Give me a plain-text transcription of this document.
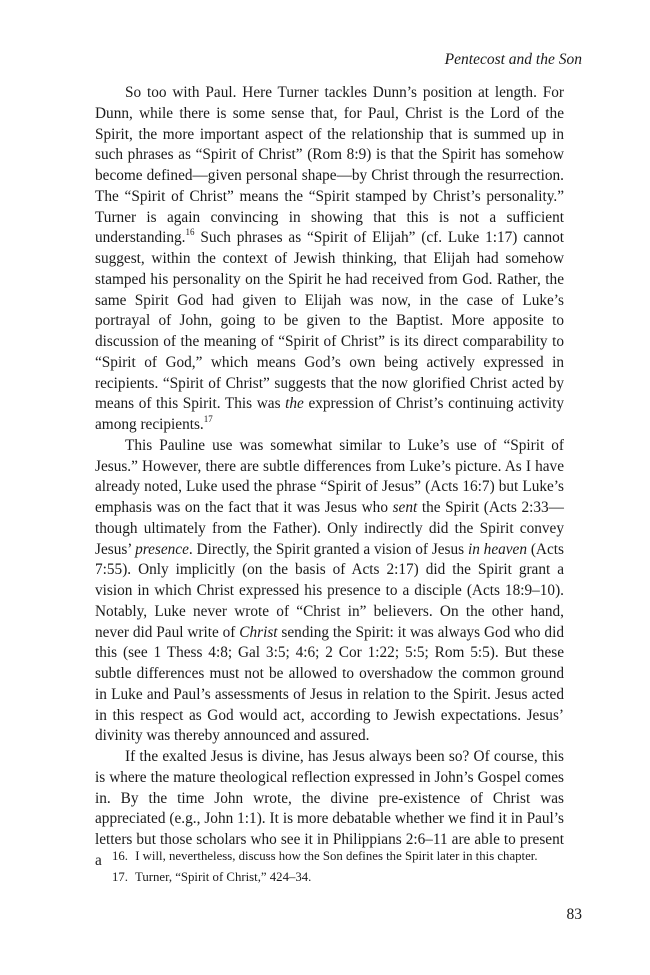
Pentecost and the Son

So too with Paul. Here Turner tackles Dunn’s position at length. For Dunn, while there is some sense that, for Paul, Christ is the Lord of the Spirit, the more important aspect of the relationship that is summed up in such phrases as “Spirit of Christ” (Rom 8:9) is that the Spirit has somehow become defined—given personal shape—by Christ through the resurrection. The “Spirit of Christ” means the “Spirit stamped by Christ’s personality.” Turner is again convincing in showing that this is not a sufficient understanding.$^{16}$ Such phrases as “Spirit of Elijah” (cf. Luke 1:17) cannot suggest, within the context of Jewish thinking, that Elijah had somehow stamped his personality on the Spirit he had received from God. Rather, the same Spirit God had given to Elijah was now, in the case of Luke’s portrayal of John, going to be given to the Baptist. More apposite to discussion of the meaning of “Spirit of Christ” is its direct comparability to “Spirit of God,” which means God’s own being actively expressed in recipients. “Spirit of Christ” suggests that the now glorified Christ acted by means of this Spirit. This was the expression of Christ’s continuing activity among recipients.$^{17}$

This Pauline use was somewhat similar to Luke’s use of “Spirit of Jesus.” However, there are subtle differences from Luke’s picture. As I have already noted, Luke used the phrase “Spirit of Jesus” (Acts 16:7) but Luke’s emphasis was on the fact that it was Jesus who sent the Spirit (Acts 2:33—though ultimately from the Father). Only indirectly did the Spirit convey Jesus’ presence. Directly, the Spirit granted a vision of Jesus in heaven (Acts 7:55). Only implicitly (on the basis of Acts 2:17) did the Spirit grant a vision in which Christ expressed his presence to a disciple (Acts 18:9–10). Notably, Luke never wrote of “Christ in” believers. On the other hand, never did Paul write of Christ sending the Spirit: it was always God who did this (see 1 Thess 4:8; Gal 3:5; 4:6; 2 Cor 1:22; 5:5; Rom 5:5). But these subtle differences must not be allowed to overshadow the common ground in Luke and Paul’s assessments of Jesus in relation to the Spirit. Jesus acted in this respect as God would act, according to Jewish expectations. Jesus’ divinity was thereby announced and assured.

If the exalted Jesus is divine, has Jesus always been so? Of course, this is where the mature theological reflection expressed in John’s Gospel comes in. By the time John wrote, the divine pre-existence of Christ was appreciated (e.g., John 1:1). It is more debatable whether we find it in Paul’s letters but those scholars who see it in Philippians 2:6–11 are able to present a 16. I will, nevertheless, discuss how the Son defines the Spirit later in this chapter.

17. Turner, “Spirit of Christ,” 424–34.

83
